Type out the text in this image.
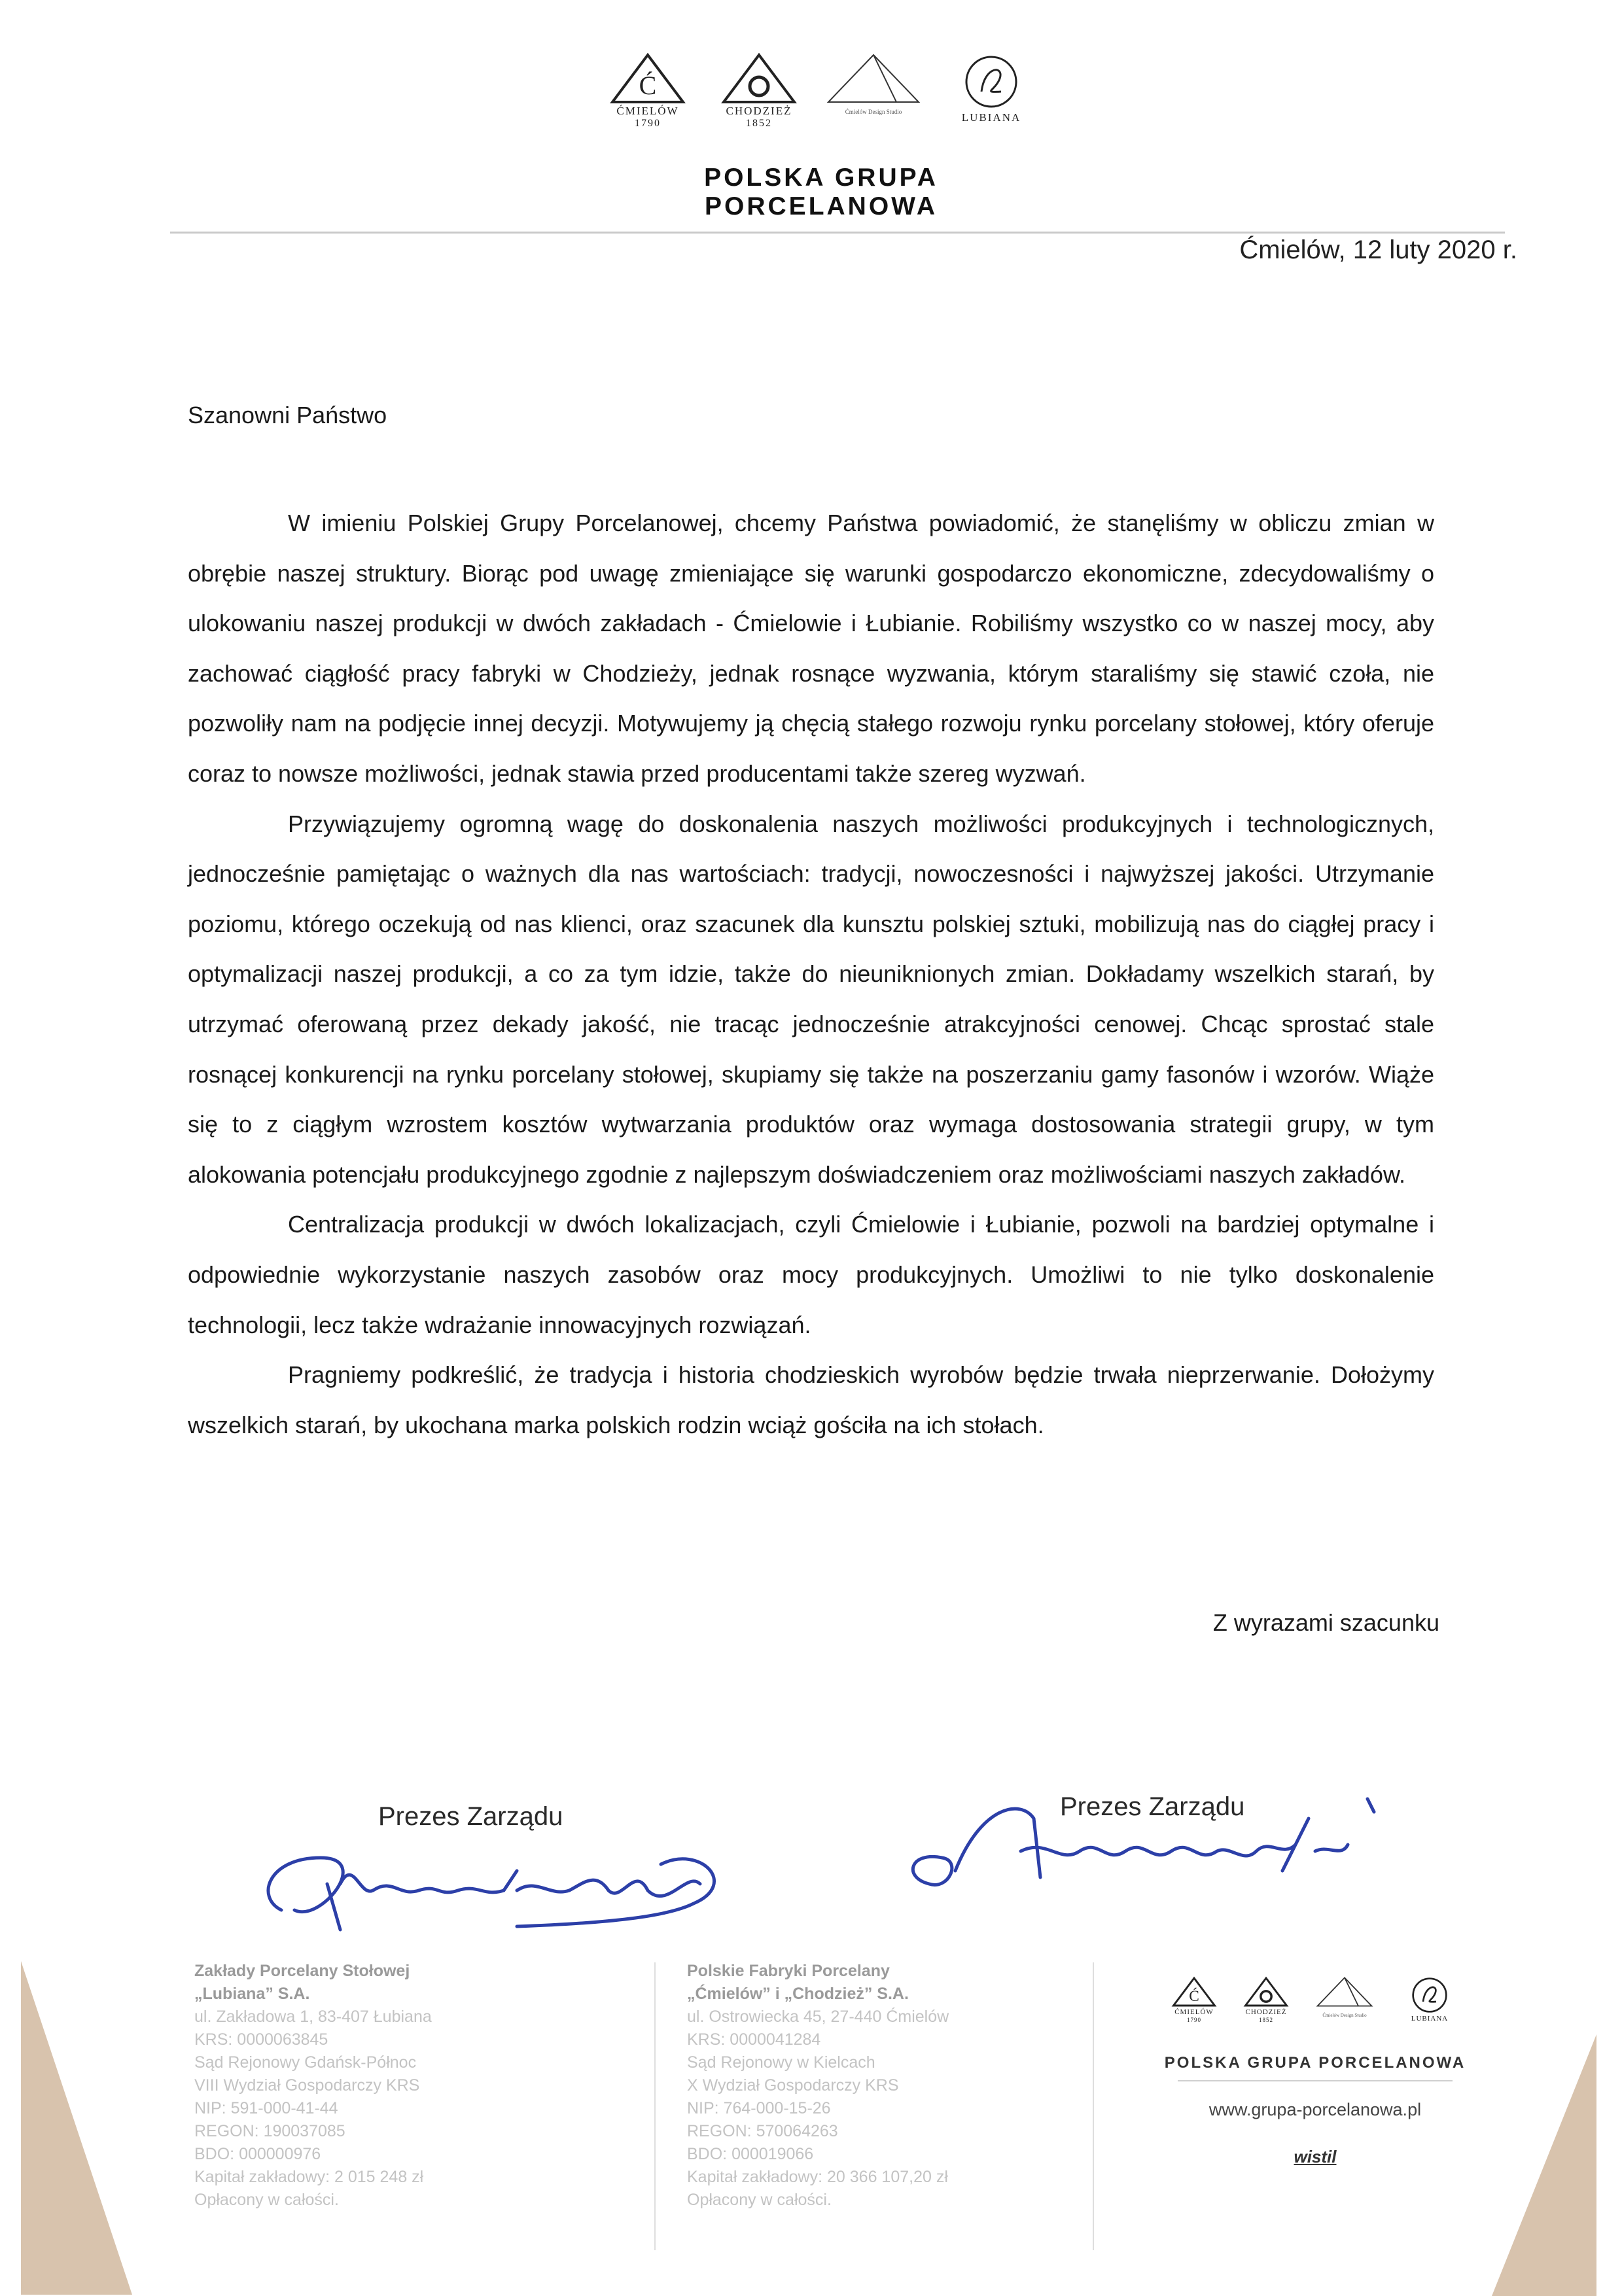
Ć
ĆMIELÓW
1790
CHODZIEŻ
1852
Ćmielów Design Studio	LUBIANA
POLSKA GRUPA PORCELANOWA
Ćmielów, 12 luty 2020 r.
Szanowni Państwo

W imieniu Polskiej Grupy Porcelanowej, chcemy Państwa powiadomić, że stanęliśmy w obliczu zmian w obrębie naszej struktury. Biorąc pod uwagę zmieniające się warunki gospodarczo ekonomiczne, zdecydowaliśmy o ulokowaniu naszej produkcji w dwóch zakładach - Ćmielowie i Łubianie. Robiliśmy wszystko co w naszej mocy, aby zachować ciągłość pracy fabryki w Chodzieży, jednak rosnące wyzwania, którym staraliśmy się stawić czoła, nie pozwoliły nam na podjęcie innej decyzji. Motywujemy ją chęcią stałego rozwoju rynku porcelany stołowej, który oferuje coraz to nowsze możliwości, jednak stawia przed producentami także szereg wyzwań.

Przywiązujemy ogromną wagę do doskonalenia naszych możliwości produkcyjnych i technologicznych, jednocześnie pamiętając o ważnych dla nas wartościach: tradycji, nowoczesności i najwyższej jakości. Utrzymanie poziomu, którego oczekują od nas klienci, oraz szacunek dla kunsztu polskiej sztuki, mobilizują nas do ciągłej pracy i optymalizacji naszej produkcji, a co za tym idzie, także do nieuniknionych zmian. Dokładamy wszelkich starań, by utrzymać oferowaną przez dekady jakość, nie tracąc jednocześnie atrakcyjności cenowej. Chcąc sprostać stale rosnącej konkurencji na rynku porcelany stołowej, skupiamy się także na poszerzaniu gamy fasonów i wzorów. Wiąże się to z ciągłym wzrostem kosztów wytwarzania produktów oraz wymaga dostosowania strategii grupy, w tym alokowania potencjału produkcyjnego zgodnie z najlepszym doświadczeniem oraz możliwościami naszych zakładów.

Centralizacja produkcji w dwóch lokalizacjach, czyli Ćmielowie i Łubianie, pozwoli na bardziej optymalne i odpowiednie wykorzystanie naszych zasobów oraz mocy produkcyjnych. Umożliwi to nie tylko doskonalenie technologii, lecz także wdrażanie innowacyjnych rozwiązań.

Pragniemy podkreślić, że tradycja i historia chodzieskich wyrobów będzie trwała nieprzerwanie. Dołożymy wszelkich starań, by ukochana marka polskich rodzin wciąż gościła na ich stołach.

Z wyrazami szacunku
Prezes Zarządu	Prezes Zarządu
Zakłady Porcelany Stołowej
„Lubiana” S.A.
ul. Zakładowa 1, 83-407 Łubiana
KRS: 0000063845
Sąd Rejonowy Gdańsk-Północ
VIII Wydział Gospodarczy KRS
NIP: 591-000-41-44
REGON: 190037085
BDO: 000000976
Kapitał zakładowy: 2 015 248 zł
Opłacony w całości.
Polskie Fabryki Porcelany
„Ćmielów” i „Chodzież” S.A.
ul. Ostrowiecka 45, 27-440 Ćmielów
KRS: 0000041284
Sąd Rejonowy w Kielcach
X Wydział Gospodarczy KRS
NIP: 764-000-15-26
REGON: 570064263
BDO: 000019066
Kapitał zakładowy: 20 366 107,20 zł
Opłacony w całości.
Ć
ĆMIELÓW
1790
CHODZIEŻ
1852
Ćmielów Design Studio	LUBIANA
POLSKA GRUPA PORCELANOWA
www.grupa-porcelanowa.pl
wistil
